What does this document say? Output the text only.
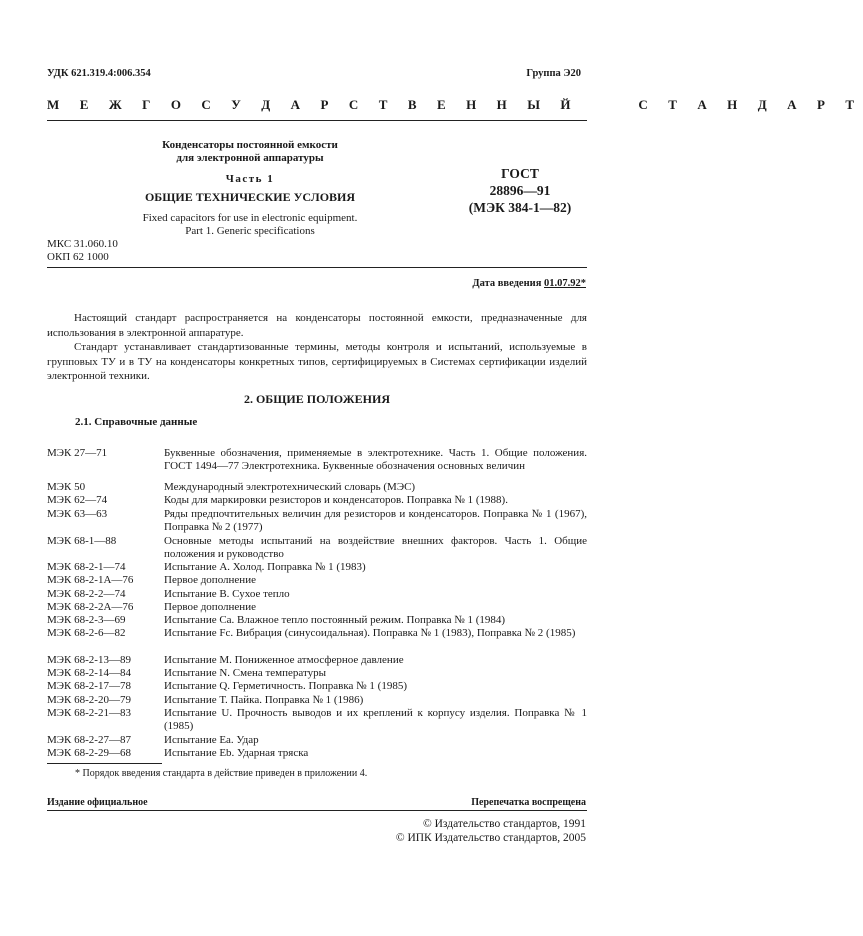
УДК 621.319.4:006.354	Группа Э20
М Е Ж Г О С У Д А Р С Т В Е Н Н Ы Й     С Т А Н Д А Р Т
Конденсаторы постоянной емкости
для электронной аппаратуры
Часть 1
ОБЩИЕ ТЕХНИЧЕСКИЕ УСЛОВИЯ
Fixed capacitors for use in electronic equipment.
Part 1. Generic specifications
ГОСТ
28896—91
(МЭК 384-1—82)
МКС 31.060.10
ОКП 62 1000
Дата введения 01.07.92*
Настоящий стандарт распространяется на конденсаторы постоянной емкости, предназначенные для использования в электронной аппаратуре.
Стандарт устанавливает стандартизованные термины, методы контроля и испытаний, используемые в групповых ТУ и в ТУ на конденсаторы конкретных типов, сертифицируемых в Системах сертификации изделий электронной техники.
2. ОБЩИЕ ПОЛОЖЕНИЯ
2.1. Справочные данные
МЭК 27—71	Буквенные обозначения, применяемые в электротехнике. Часть 1. Общие положения. ГОСТ 1494—77 Электротехника. Буквенные обозначения основных величин
МЭК 50	Международный электротехнический словарь (МЭС)
МЭК 62—74	Коды для маркировки резисторов и конденсаторов. Поправка № 1 (1988).
МЭК 63—63	Ряды предпочтительных величин для резисторов и конденсаторов. Поправка № 1 (1967), Поправка № 2 (1977)
МЭК 68-1—88	Основные методы испытаний на воздействие внешних факторов. Часть 1. Общие положения и руководство
МЭК 68-2-1—74	Испытание А. Холод. Поправка № 1 (1983)
МЭК 68-2-1А—76	Первое дополнение
МЭК 68-2-2—74	Испытание В. Сухое тепло
МЭК 68-2-2А—76	Первое дополнение
МЭК 68-2-3—69	Испытание Са. Влажное тепло постоянный режим. Поправка № 1 (1984)
МЭК 68-2-6—82	Испытание Fc. Вибрация (синусоидальная). Поправка № 1 (1983), Поправка № 2 (1985)
МЭК 68-2-13—89	Испытание М. Пониженное атмосферное давление
МЭК 68-2-14—84	Испытание N. Смена температуры
МЭК 68-2-17—78	Испытание Q. Герметичность. Поправка № 1 (1985)
МЭК 68-2-20—79	Испытание Т. Пайка. Поправка № 1 (1986)
МЭК 68-2-21—83	Испытание U. Прочность выводов и их креплений к корпусу изделия. Поправка № 1 (1985)
МЭК 68-2-27—87	Испытание Еа. Удар
МЭК 68-2-29—68	Испытание Еb. Ударная тряска
* Порядок введения стандарта в действие приведен в приложении 4.
Издание официальное	Перепечатка воспрещена
© Издательство стандартов, 1991
© ИПК Издательство стандартов, 2005
